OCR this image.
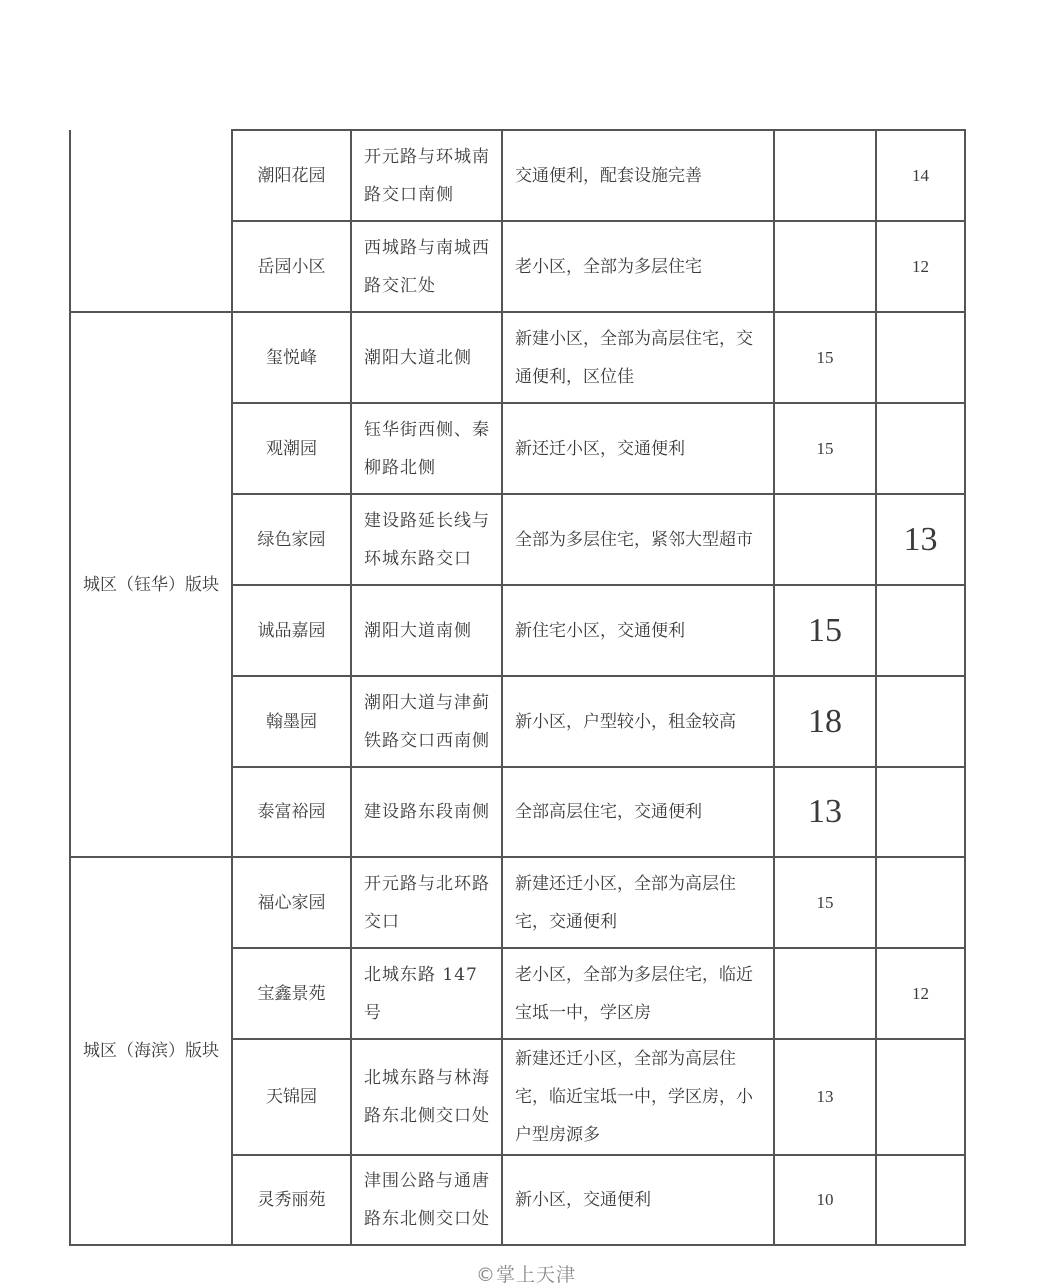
	潮阳花园	开元路与环城南路交口南侧	交通便利，配套设施完善		14
	岳园小区	西城路与南城西路交汇处	老小区，全部为多层住宅		12
城区（钰华）版块	玺悦峰	潮阳大道北侧	新建小区，全部为高层住宅，交通便利，区位佳	15	
	观潮园	钰华街西侧、秦柳路北侧	新还迁小区，交通便利	15	
	绿色家园	建设路延长线与环城东路交口	全部为多层住宅，紧邻大型超市		13
	诚品嘉园	潮阳大道南侧	新住宅小区，交通便利	15	
	翰墨园	潮阳大道与津蓟铁路交口西南侧	新小区，户型较小，租金较高	18	
	泰富裕园	建设路东段南侧	全部高层住宅，交通便利	13	
城区（海滨）版块	福心家园	开元路与北环路交口	新建还迁小区，全部为高层住宅，交通便利	15	
	宝鑫景苑	北城东路 147 号	老小区，全部为多层住宅，临近宝坻一中，学区房		12
	天锦园	北城东路与林海路东北侧交口处	新建还迁小区，全部为高层住宅，临近宝坻一中，学区房，小户型房源多	13	
	灵秀丽苑	津围公路与通唐路东北侧交口处	新小区，交通便利	10	
©掌上天津
